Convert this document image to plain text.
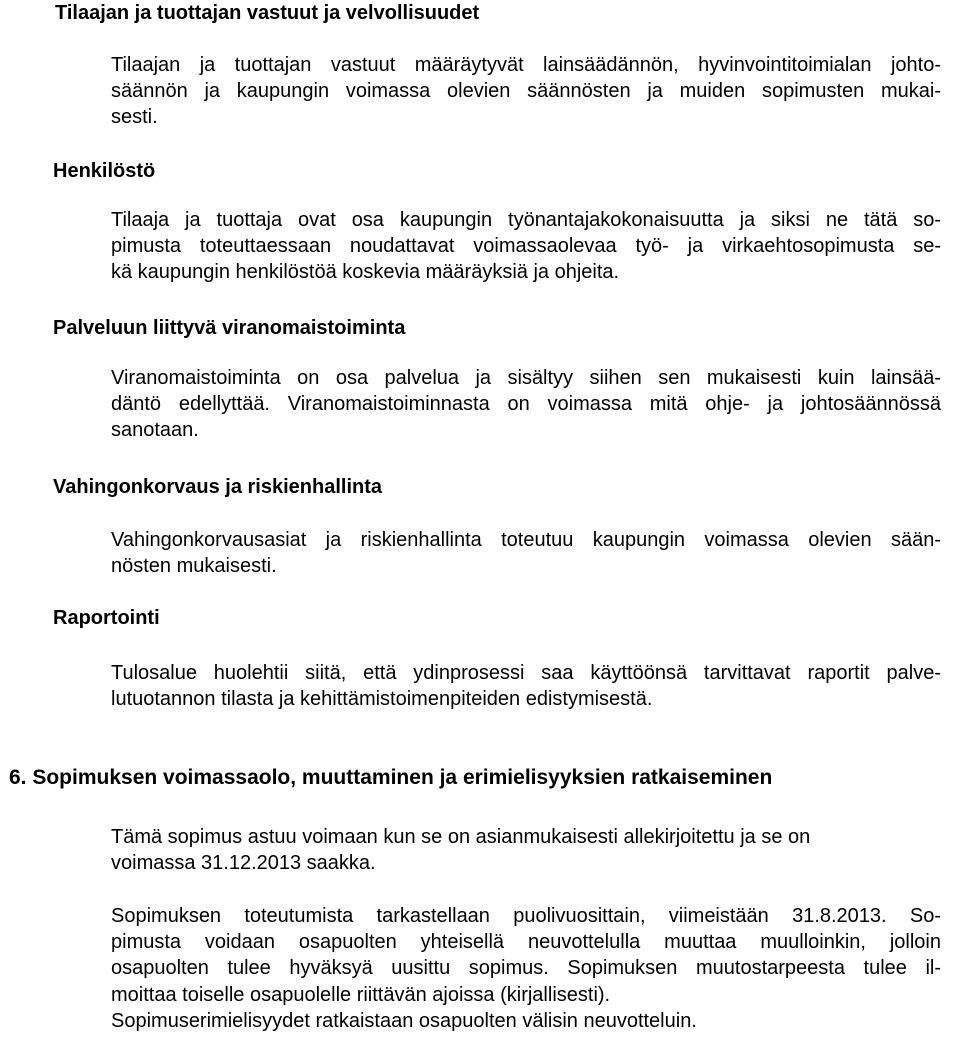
Tilaajan ja tuottajan vastuut ja velvollisuudet
Tilaajan ja tuottajan vastuut määräytyvät lainsäädännön, hyvinvointitoimialan johto-
säännön ja kaupungin voimassa olevien säännösten ja muiden sopimusten mukai-
sesti.
Henkilöstö
Tilaaja ja tuottaja ovat osa kaupungin työnantajakokonaisuutta ja siksi ne tätä so-
pimusta toteuttaessaan noudattavat voimassaolevaa työ- ja virkaehtosopimusta se-
kä kaupungin henkilöstöä koskevia määräyksiä ja ohjeita.
Palveluun liittyvä viranomaistoiminta
Viranomaistoiminta on osa palvelua ja sisältyy siihen sen mukaisesti kuin lainsää-
däntö edellyttää. Viranomaistoiminnasta on voimassa mitä ohje- ja johtosäännössä
sanotaan.
Vahingonkorvaus ja riskienhallinta
Vahingonkorvausasiat ja riskienhallinta toteutuu kaupungin voimassa olevien sään-
nösten mukaisesti.
Raportointi
Tulosalue huolehtii siitä, että ydinprosessi saa käyttöönsä tarvittavat raportit palve-
lutuotannon tilasta ja kehittämistoimenpiteiden edistymisestä.
6. Sopimuksen voimassaolo, muuttaminen ja erimielisyyksien ratkaiseminen
Tämä sopimus astuu voimaan kun se on asianmukaisesti allekirjoitettu ja se on
voimassa 31.12.2013 saakka.
Sopimuksen toteutumista tarkastellaan puolivuosittain, viimeistään 31.8.2013. So-
pimusta voidaan osapuolten yhteisellä neuvottelulla muuttaa muulloinkin, jolloin
osapuolten tulee hyväksyä uusittu sopimus. Sopimuksen muutostarpeesta tulee il-
moittaa toiselle osapuolelle riittävän ajoissa (kirjallisesti).
Sopimuserimielisyydet ratkaistaan osapuolten välisin neuvotteluin.
